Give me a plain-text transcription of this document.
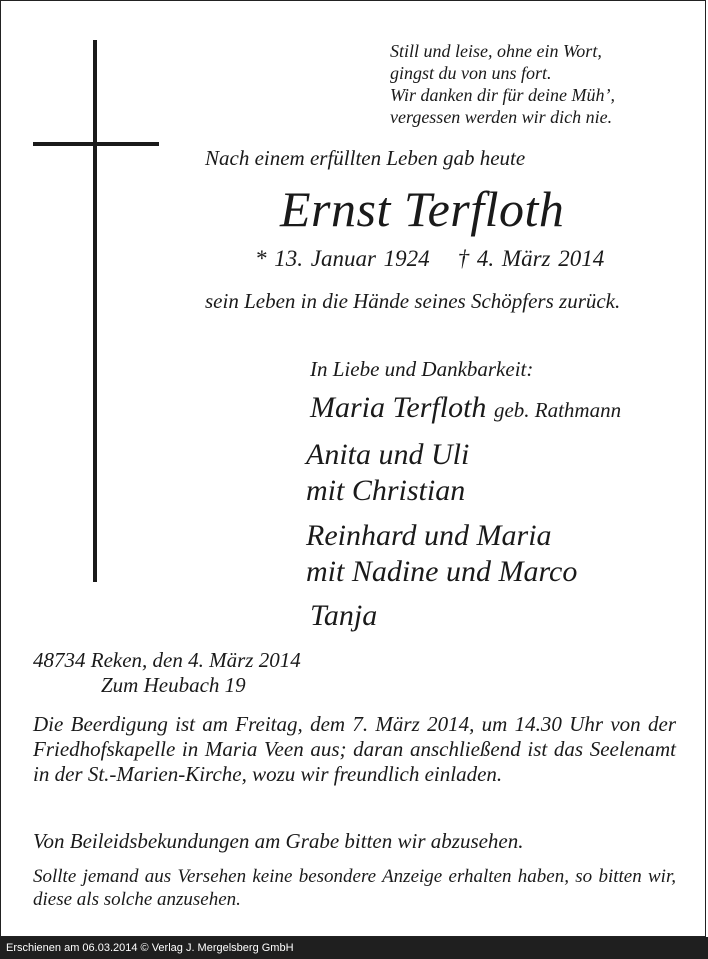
Still und leise, ohne ein Wort,
gingst du von uns fort.
Wir danken dir für deine Müh’,
vergessen werden wir dich nie.
Nach einem erfüllten Leben gab heute
Ernst Terfloth
* 13. Januar 1924 † 4. März 2014
sein Leben in die Hände seines Schöpfers zurück.
In Liebe und Dankbarkeit:
Maria Terfloth geb. Rathmann
Anita und Uli
mit Christian
Reinhard und Maria
mit Nadine und Marco
Tanja
48734 Reken, den 4. März 2014
Zum Heubach 19
Die Beerdigung ist am Freitag, dem 7. März 2014, um 14.30 Uhr von der Friedhofskapelle in Maria Veen aus; daran anschließend ist das Seelenamt in der St.-Marien-Kirche, wozu wir freundlich einladen.
Von Beileidsbekundungen am Grabe bitten wir abzusehen.
Sollte jemand aus Versehen keine besondere Anzeige erhalten haben, so bitten wir, diese als solche anzusehen.
Erschienen am 06.03.2014 © Verlag J. Mergelsberg GmbH
